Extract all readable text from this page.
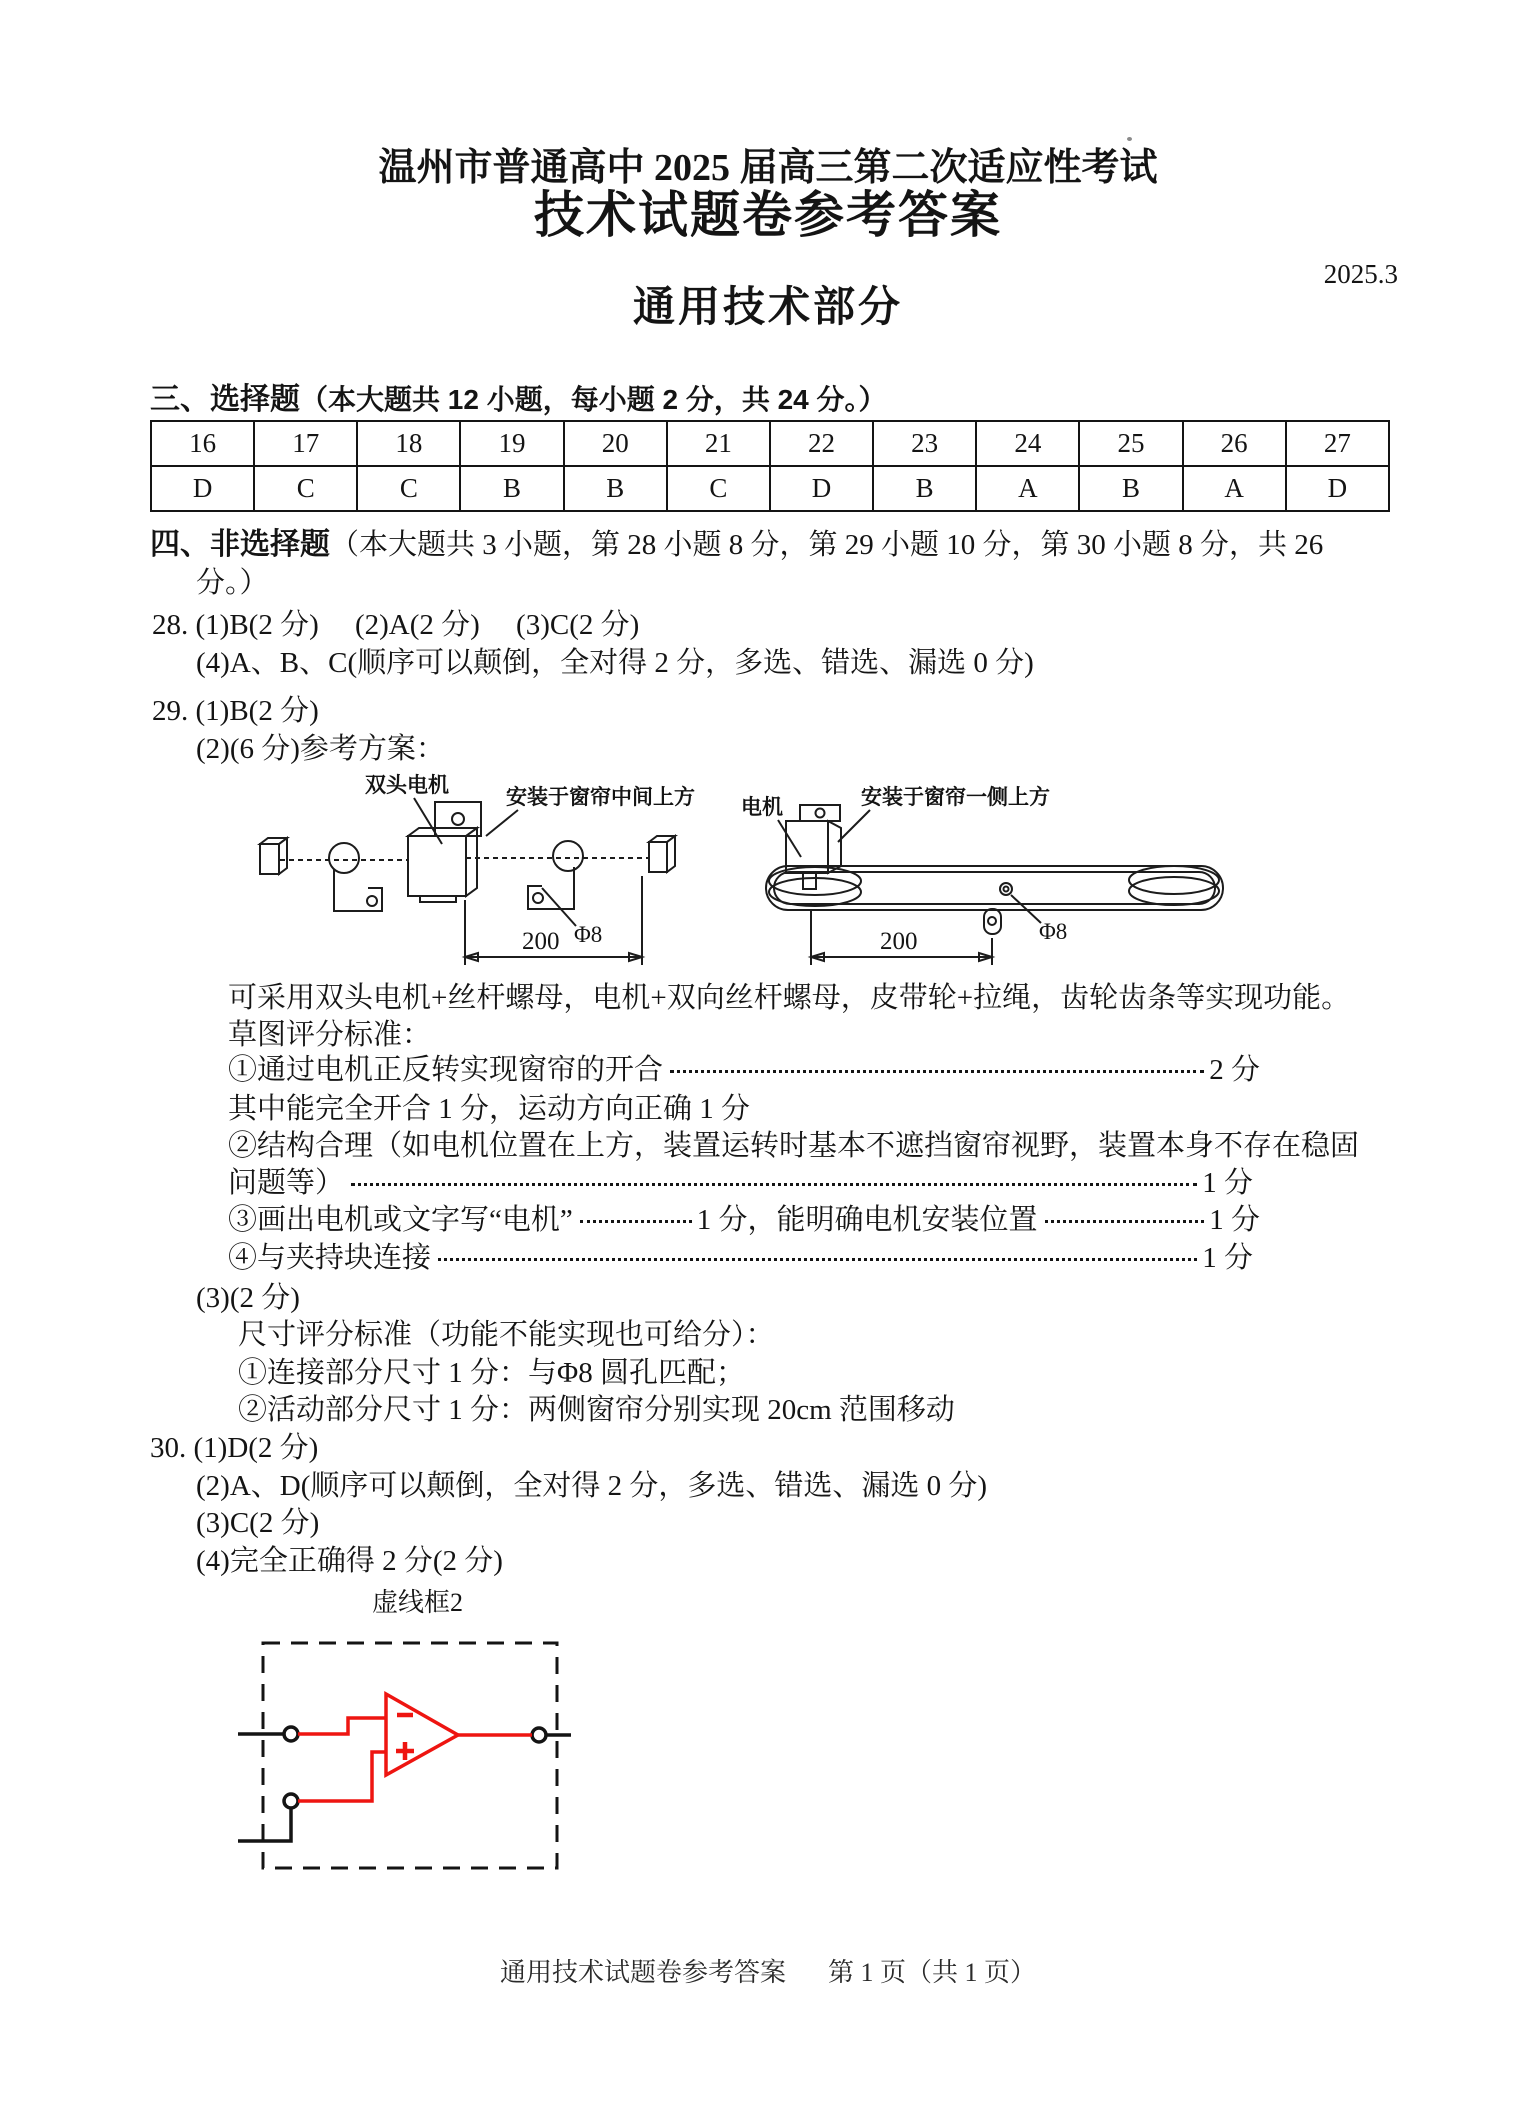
温州市普通高中 2025 届高三第二次适应性考试
技术试题卷参考答案
2025.3
通用技术部分
三、选择题（本大题共 12 小题，每小题 2 分，共 24 分。）
16	17	18	19	20	21	22	23	24	25	26	27
D	C	C	B	B	C	D	B	A	B	A	D
四、非选择题（本大题共 3 小题，第 28 小题 8 分，第 29 小题 10 分，第 30 小题 8 分，共 26
分。）
28. (1)B(2 分)　 (2)A(2 分)　 (3)C(2 分)
(4)A、B、C(顺序可以颠倒，全对得 2 分，多选、错选、漏选 0 分)
29. (1)B(2 分)
(2)(6 分)参考方案：
双头电机	安装于窗帘中间上方
Φ8
200
电机	安装于窗帘一侧上方
Φ8
200
可采用双头电机+丝杆螺母，电机+双向丝杆螺母，皮带轮+拉绳，齿轮齿条等实现功能。
草图评分标准：
①通过电机正反转实现窗帘的开合	2 分
其中能完全开合 1 分，运动方向正确 1 分
②结构合理（如电机位置在上方，装置运转时基本不遮挡窗帘视野，装置本身不存在稳固
问题等）	1 分
③画出电机或文字写“电机”	1 分，能明确电机安装位置	1 分
④与夹持块连接	1 分
(3)(2 分)
尺寸评分标准（功能不能实现也可给分）：
①连接部分尺寸 1 分：与Φ8 圆孔匹配；
②活动部分尺寸 1 分：两侧窗帘分别实现 20cm 范围移动
30. (1)D(2 分)
(2)A、D(顺序可以颠倒，全对得 2 分，多选、错选、漏选 0 分)
(3)C(2 分)
(4)完全正确得 2 分(2 分)
虚线框2
通用技术试题卷参考答案 第 1 页（共 1 页）
